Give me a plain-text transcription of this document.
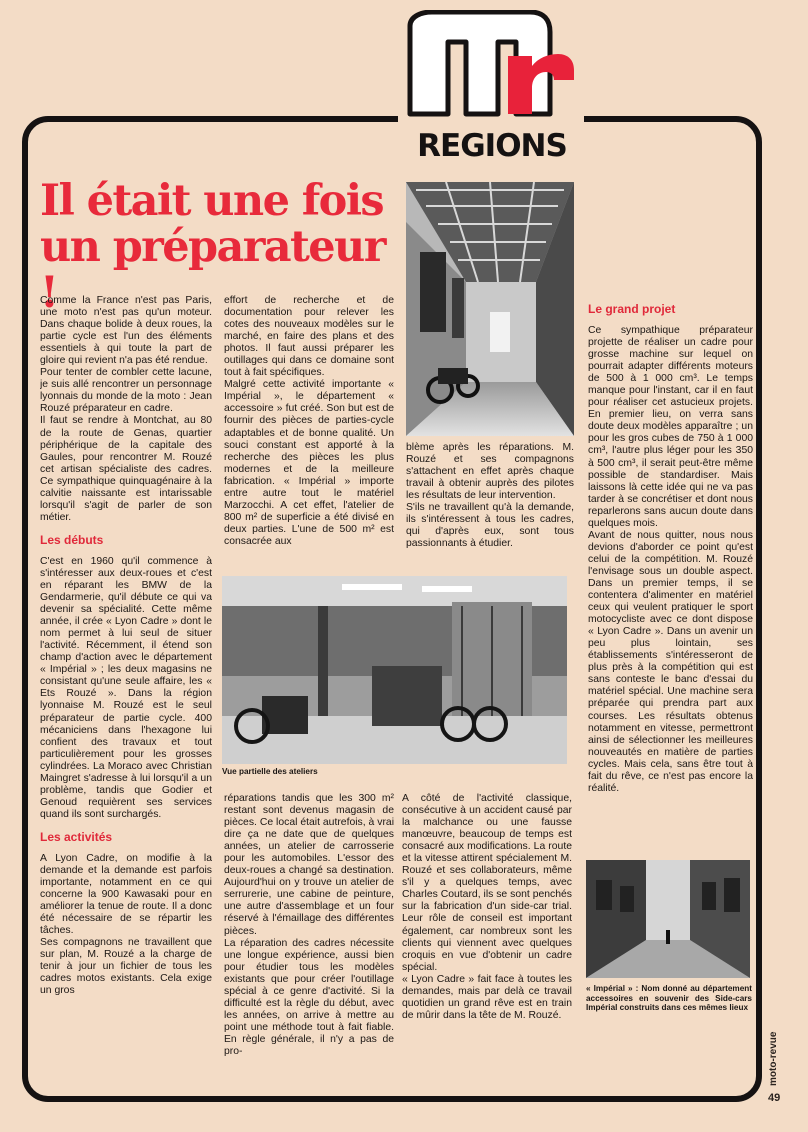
REGIONS
Il était une fois
un préparateur !

Comme la France n'est pas Paris, une moto n'est pas qu'un moteur. Dans chaque bolide à deux roues, la partie cycle est l'un des éléments essentiels à qui toute la part de gloire qui revient n'a pas été rendue.

Pour tenter de combler cette lacune, je suis allé rencontrer un personnage lyonnais du monde de la moto : Jean Rouzé préparateur en cadre.

Il faut se rendre à Montchat, au 80 de la route de Genas, quartier périphérique de la capitale des Gaules, pour rencontrer M. Rouzé cet artisan spécialiste des cadres. Ce sympathique quinquagénaire à la calvitie naissante est intarissable lorsqu'il s'agit de parler de son métier.

Les débuts

C'est en 1960 qu'il commence à s'intéresser aux deux-roues et c'est en réparant les BMW de la Gendarmerie, qu'il débute ce qui va devenir sa spécialité. Cette même année, il crée « Lyon Cadre » dont le nom permet à lui seul de situer l'activité. Récemment, il étend son champ d'action avec le département « Impérial » ; les deux magasins ne consistant qu'une seule affaire, les « Ets Rouzé ». Dans la région lyonnaise M. Rouzé est le seul préparateur de partie cycle. 400 mécaniciens dans l'hexagone lui confient des travaux et tout particulièrement pour les grosses cylindrées. La Moraco avec Christian Maingret s'adresse à lui lorsqu'il a un problème, tandis que Godier et Genoud requièrent ses services quand ils sont surchargés.

Les activités

A Lyon Cadre, on modifie à la demande et la demande est parfois importante, notamment en ce qui concerne la 900 Kawasaki pour en améliorer la tenue de route. Il a donc été nécessaire de se répartir les tâches.

Ses compagnons ne travaillent que sur plan, M. Rouzé a la charge de tenir à jour un fichier de tous les cadres motos existants. Cela exige un gros

effort de recherche et de documentation pour relever les cotes des nouveaux modèles sur le marché, en faire des plans et des photos. Il faut aussi préparer les outillages qui dans ce domaine sont tout à fait spécifiques.

Malgré cette activité importante « Impérial », le département « accessoire » fut créé. Son but est de fournir des pièces de parties-cycle adaptables et de bonne qualité. Un souci constant est apporté à la recherche des pièces les plus modernes et de la meilleure fabrication. « Impérial » importe entre autre tout le matériel Marzocchi. A cet effet, l'atelier de 800 m² de superficie a été divisé en deux parties. L'une de 500 m² est consacrée aux

blème après les réparations. M. Rouzé et ses compagnons s'attachent en effet après chaque travail à obtenir auprès des pilotes les résultats de leur intervention.

S'ils ne travaillent qu'à la demande, ils s'intéressent à tous les cadres, qui d'après eux, sont tous passionnants à étudier.

Vue partielle des ateliers

réparations tandis que les 300 m² restant sont devenus magasin de pièces. Ce local était autrefois, à vrai dire ça ne date que de quelques années, un atelier de carrosserie pour les automobiles. L'essor des deux-roues a changé sa destination. Aujourd'hui on y trouve un atelier de serrurerie, une cabine de peinture, une autre d'assemblage et un four réservé à l'émaillage des différentes pièces.

La réparation des cadres nécessite une longue expérience, aussi bien pour étudier tous les modèles existants que pour créer l'outillage spécial à ce genre d'activité. Si la difficulté est la règle du début, avec les années, on arrive à mettre au point une méthode tout à fait fiable. En règle générale, il n'y a pas de pro-

A côté de l'activité classique, consécutive à un accident causé par la malchance ou une fausse manœuvre, beaucoup de temps est consacré aux modifications. La route et la vitesse attirent spécialement M. Rouzé et ses collaborateurs, même s'il y a quelques temps, avec Charles Coutard, ils se sont penchés sur la fabrication d'un side-car trial. Leur rôle de conseil est important également, car nombreux sont les clients qui viennent avec quelques croquis en vue d'obtenir un cadre spécial.

« Lyon Cadre » fait face à toutes les demandes, mais par delà ce travail quotidien un grand rêve est en train de mûrir dans la tête de M. Rouzé.

Le grand projet

Ce sympathique préparateur projette de réaliser un cadre pour grosse machine sur lequel on pourrait adapter différents moteurs de 500 à 1 000 cm³. Le temps manque pour l'instant, car il en faut pour réaliser cet astucieux projets. En premier lieu, on verra sans doute deux modèles apparaître ; un pour les gros cubes de 750 à 1 000 cm³, l'autre plus léger pour les 350 à 500 cm³, il serait peut-être même possible de standardiser. Mais laissons là cette idée qui ne va pas tarder à se concrétiser et dont nous reparlerons sans aucun doute dans quelques mois.

Avant de nous quitter, nous nous devions d'aborder ce point qu'est celui de la compétition. M. Rouzé l'envisage sous un double aspect. Dans un premier temps, il se contentera d'alimenter en matériel ceux qui veulent pratiquer le sport motocycliste avec ce dont dispose « Lyon Cadre ». Dans un avenir un peu plus lointain, ses établissements s'intéresseront de plus près à la compétition qui est sans conteste le banc d'essai du matériel spécial. Une machine sera préparée qui prendra part aux courses. Les résultats obtenus notamment en vitesse, permettront ainsi de sélectionner les meilleures nouveautés en matière de parties cycles. Mais cela, sans être tout à fait du rêve, ce n'est pas encore la réalité.

« Impérial » : Nom donné au département accessoires en souvenir des Side-cars Impérial construits dans ces mêmes lieux
moto-revue
49
